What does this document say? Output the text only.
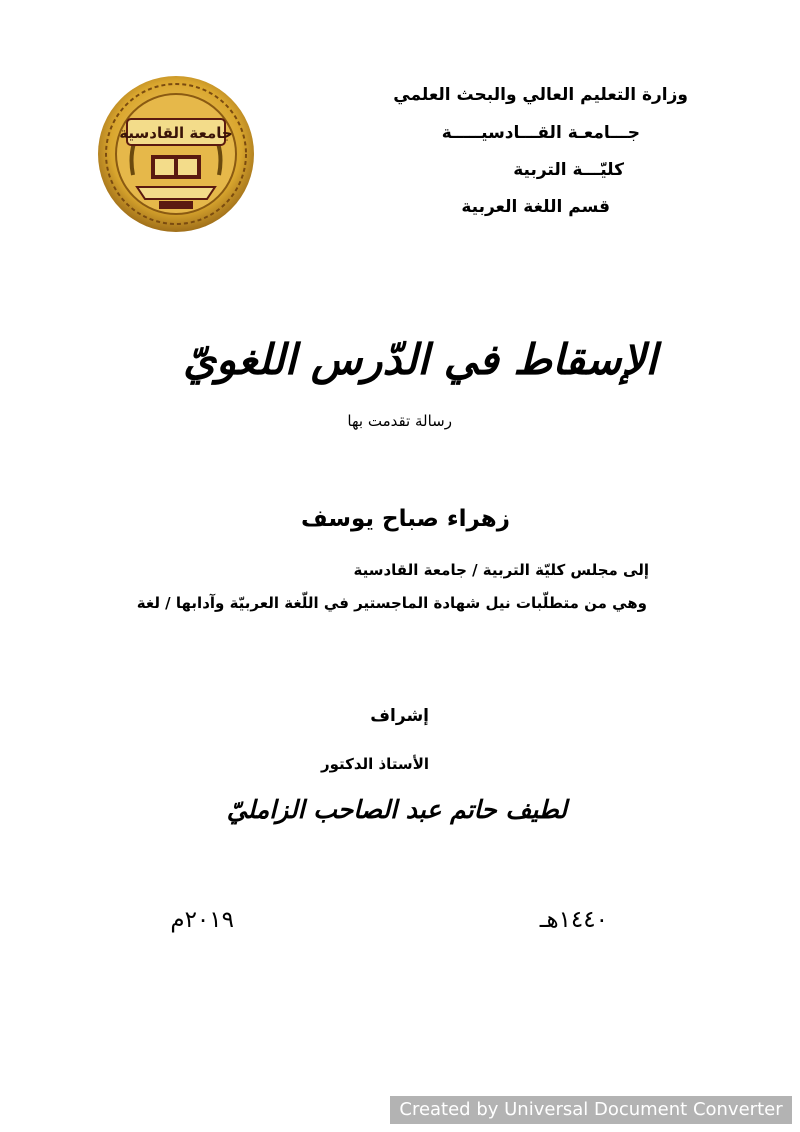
جامعة القادسية
وزارة التعليم العالي والبحث العلمي
جـــامعـة القـــادسيـــــة
كليّـــة التربية
قسم اللغة العربية
الإسقاط في الدّرس اللغويّ
رسالة تقدمت بها
زهراء صباح يوسف
إلى مجلس كليّة التربية / جامعة القادسية
وهي من متطلّبات نيل شهادة الماجستير في اللّغة العربيّة وآدابها / لغة
إشراف
الأستاذ الدكتور
لطيف حاتم عبد الصاحب الزامليّ
١٤٤٠هـ
٢٠١٩م
Created by Universal Document Converter
